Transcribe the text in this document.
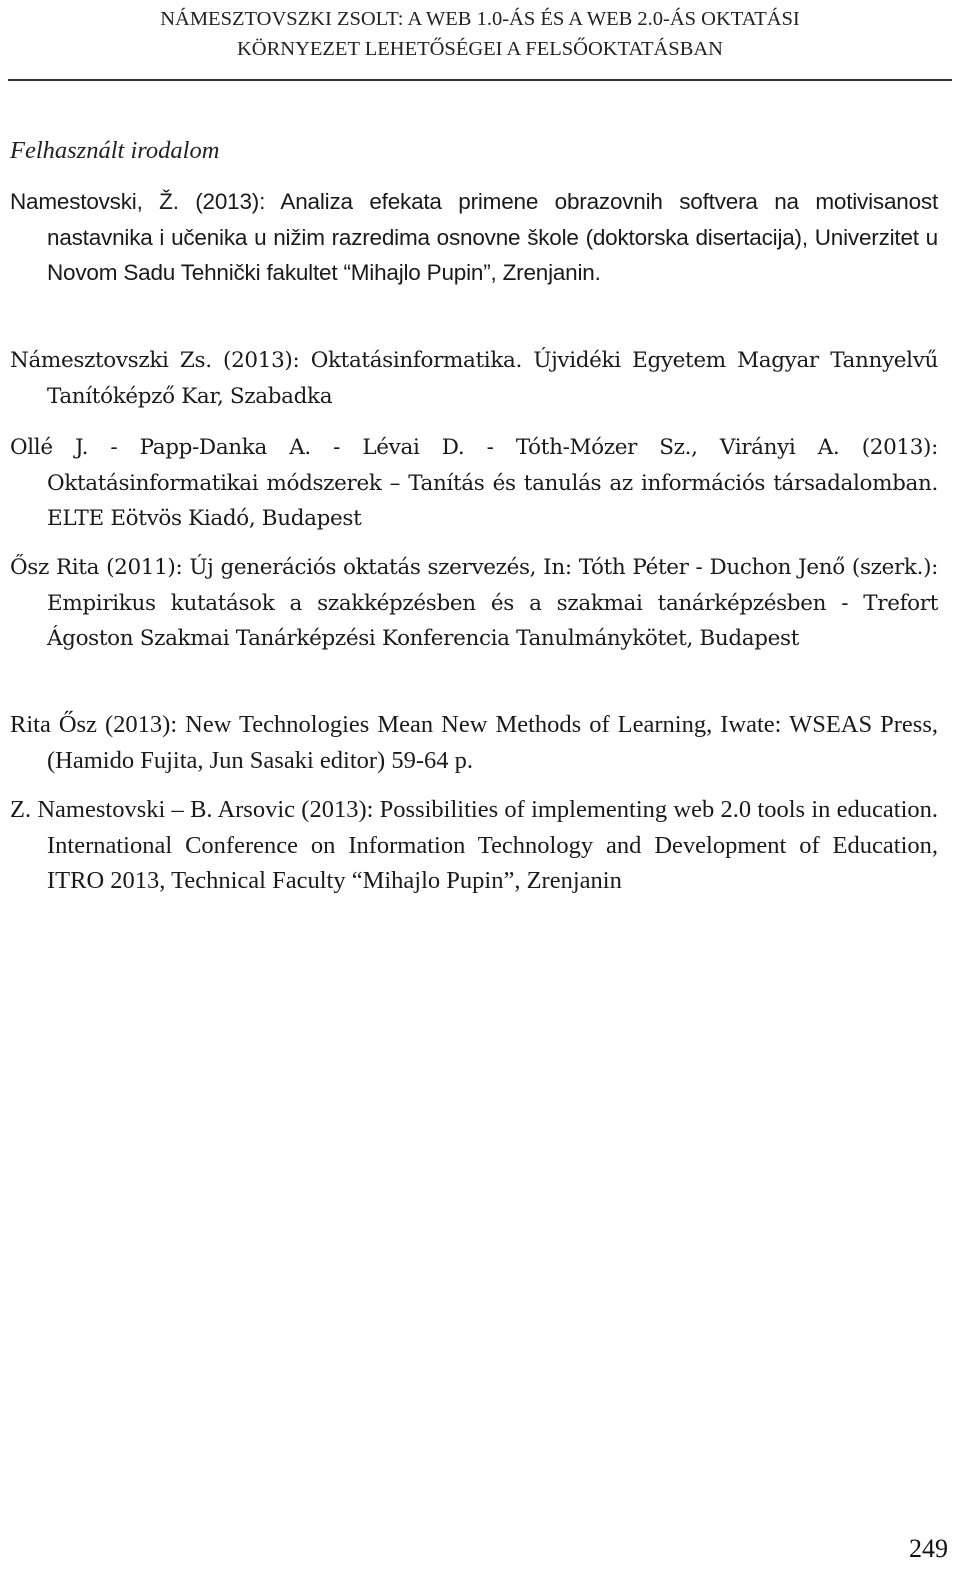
NÁMESZTOVSZKI ZSOLT: A WEB 1.0-ÁS ÉS A WEB 2.0-ÁS OKTATÁSI
KÖRNYEZET LEHETŐSÉGEI A FELSŐOKTATÁSBAN
Felhasznált irodalom

Namestovski, Ž. (2013): Analiza efekata primene obrazovnih softvera na motivisanost nastavnika i učenika u nižim razredima osnovne škole (doktorska disertacija), Univerzitet u Novom Sadu Tehnički fakultet “Mihajlo Pupin”, Zrenjanin.

Námesztovszki Zs. (2013): Oktatásinformatika. Újvidéki Egyetem Magyar Tannyelvű Tanítóképző Kar, Szabadka

Ollé J. - Papp-Danka A. - Lévai D. - Tóth-Mózer Sz., Virányi A. (2013): Oktatásinformatikai módszerek – Tanítás és tanulás az információs társadalomban. ELTE Eötvös Kiadó, Budapest

Ősz Rita (2011): Új generációs oktatás szervezés, In: Tóth Péter - Duchon Jenő (szerk.): Empirikus kutatások a szakképzésben és a szakmai tanárképzésben - Trefort Ágoston Szakmai Tanárképzési Konferencia Tanulmánykötet, Budapest

Rita Ősz (2013): New Technologies Mean New Methods of Learning, Iwate: WSEAS Press, (Hamido Fujita, Jun Sasaki editor) 59-64 p.

Z. Namestovski – B. Arsovic (2013): Possibilities of implementing web 2.0 tools in education. International Conference on Information Technology and Development of Education, ITRO 2013, Technical Faculty “Mihajlo Pupin”, Zrenjanin

249
